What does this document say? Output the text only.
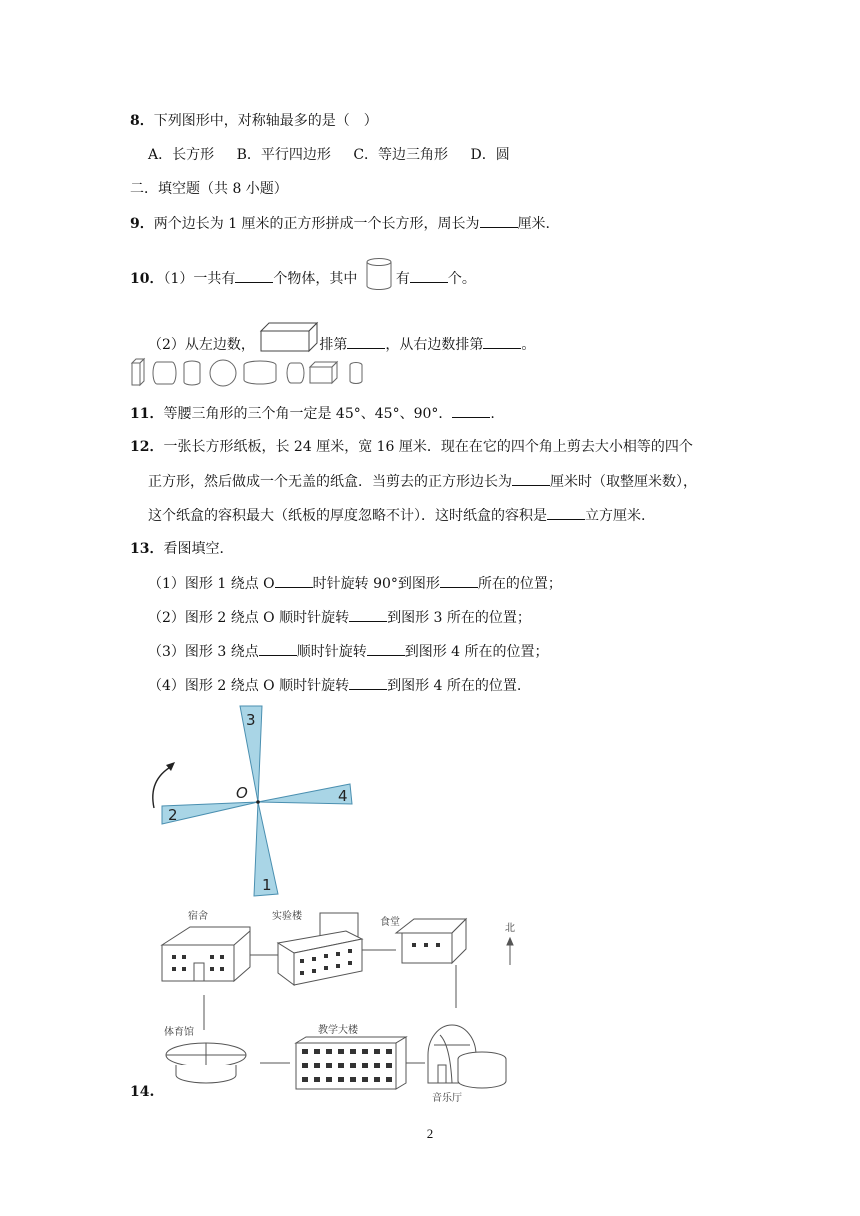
8．下列图形中，对称轴最多的是（　）
A．长方形 B．平行四边形 C．等边三角形 D．圆
二．填空题（共 8 小题）
9．两个边长为 1 厘米的正方形拼成一个长方形，周长为	厘米.
10．（1）一共有	个物体，其中	有	个。
（2）从左边数，	排第	，从右边数排第	。
11．等腰三角形的三个角一定是 45°、45°、90°．	.
12．一张长方形纸板，长 24 厘米，宽 16 厘米．现在在它的四个角上剪去大小相等的四个
正方形，然后做成一个无盖的纸盒．当剪去的正方形边长为	厘米时（取整厘米数），
这个纸盒的容积最大（纸板的厚度忽略不计）．这时纸盒的容积是	立方厘米.
13．看图填空．
（1）图形 1 绕点 O	时针旋转 90°到图形	所在的位置；
（2）图形 2 绕点 O 顺时针旋转	到图形 3 所在的位置；
（3）图形 3 绕点	顺时针旋转	到图形 4 所在的位置；
（4）图形 2 绕点 O 顺时针旋转	到图形 4 所在的位置.
O
3
2
4
1
宿舍	实验楼
食堂
北
体育馆	教学大楼
音乐厅
14.
2
